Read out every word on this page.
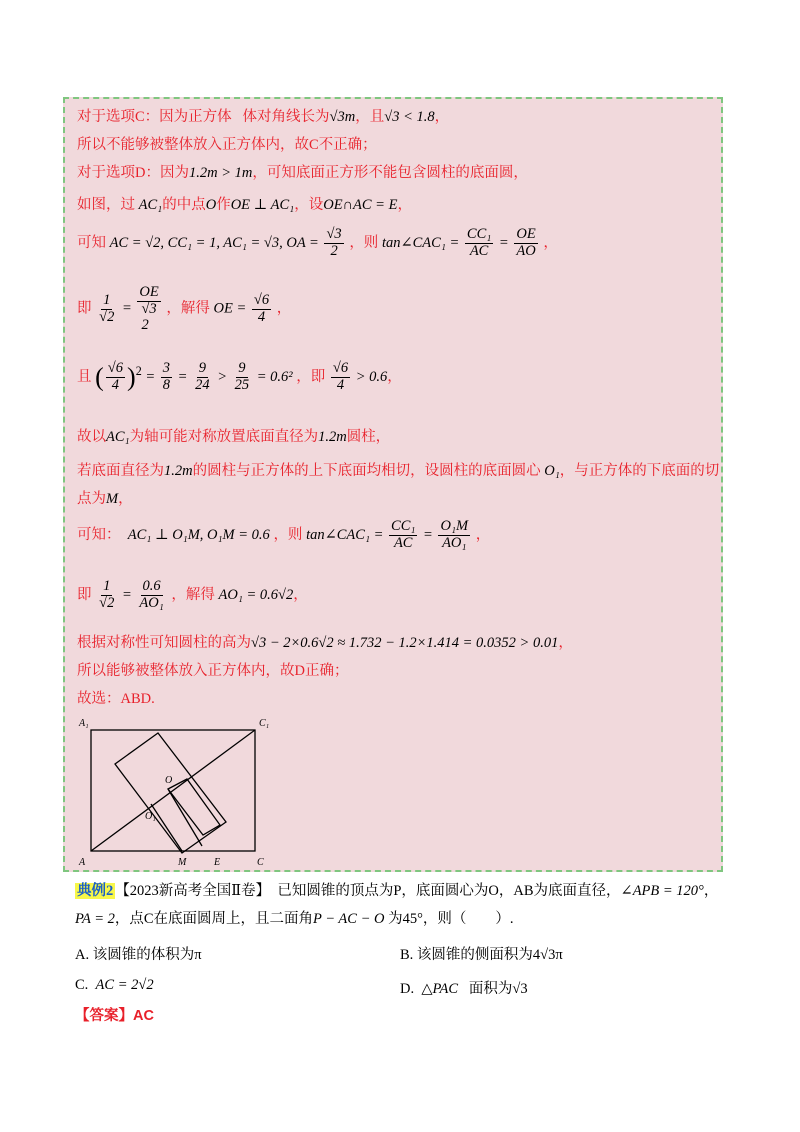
对于选项C：因为正方体 体对角线长为√3m，且√3 < 1.8，
所以不能够被整体放入正方体内，故C不正确；
对于选项D：因为1.2m > 1m，可知底面正方形不能包含圆柱的底面圆，
如图，过 AC₁的中点O作OE ⊥ AC₁，设OE∩AC = E，
可知 AC = √2, CC₁ = 1, AC₁ = √3, OA = $\frac{√3}{2}$ ，则 tan∠CAC₁ = $\frac{\text{CC₁}}{AC} = \frac{OE}{AO}$ ，
即 $\frac{1}{√2}$ =
OE
√3
2
，解得 OE = $\frac{√6}{4}$ ，
且 ( $\frac{√6}{4} )^2 = \frac{3}{8} = \frac{9}{24} > \frac{9}{25} = 0.6^2$ ，即 $\frac{√6}{4} > 0.6$，
故以AC₁为轴可能对称放置底面直径为1.2m圆柱，
若底面直径为1.2m的圆柱与正方体的上下底面均相切，设圆柱的底面圆心 O₁，与正方体的下底面的切
点为M，
可知： AC₁ ⊥ O₁M, O₁M = 0.6 ，则 tan∠CAC₁ = $\frac{\text{CC₁}}{AC} = \frac{\text{O₁M}}{\text{AO₁}}$ ，
即 $\frac{1}{√2} = \frac{0.6}{\text{AO₁}}$ ，解得 AO₁ = 0.6√2，
根据对称性可知圆柱的高为√3 − 2×0.6√2 ≈ 1.732 − 1.2×1.414 = 0.0352 > 0.01，
所以能够被整体放入正方体内，故D正确；
故选：ABD.
A₁	C₁
O
O₁
A	M	E	C
典例2 【2023新高考全国Ⅱ卷】 已知圆锥的顶点为P，底面圆心为O，AB为底面直径，∠APB = 120°，
PA = 2，点C在底面圆周上，且二面角P − AC − O 为45°，则（　　）.
A. 该圆锥的体积为π	B. 该圆锥的侧面积为4√3π
C. AC = 2√2	D. △PAC 面积为√3
【答案】AC
